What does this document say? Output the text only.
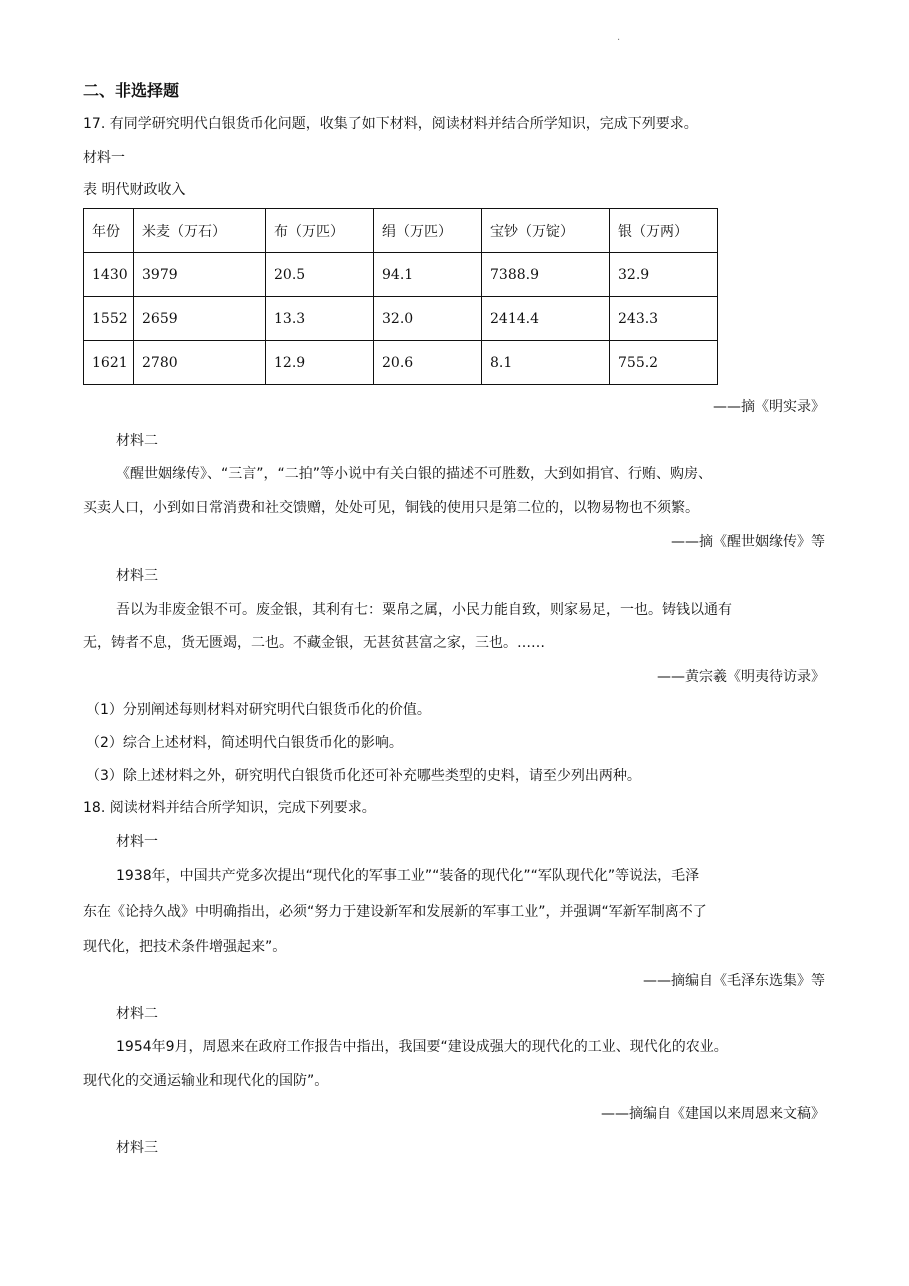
.
二、非选择题
17. 有同学研究明代白银货币化问题，收集了如下材料，阅读材料并结合所学知识，完成下列要求。
材料一
表 明代财政收入
年份	米麦（万石）	布（万匹）	绢（万匹）	宝钞（万锭）	银（万两）
1430	3979	20.5	94.1	7388.9	32.9
1552	2659	13.3	32.0	2414.4	243.3
1621	2780	12.9	20.6	8.1	755.2
——摘《明实录》
材料二
《醒世姻缘传》、“三言”，“二拍”等小说中有关白银的描述不可胜数，大到如捐官、行贿、购房、
买卖人口，小到如日常消费和社交馈赠，处处可见，铜钱的使用只是第二位的，以物易物也不须繁。
——摘《醒世姻缘传》等
材料三
吾以为非废金银不可。废金银，其利有七：粟帛之属，小民力能自致，则家易足，一也。铸钱以通有
无，铸者不息，货无匮竭，二也。不藏金银，无甚贫甚富之家，三也。……
——黄宗羲《明夷待访录》
（1）分别阐述每则材料对研究明代白银货币化的价值。
（2）综合上述材料，简述明代白银货币化的影响。
（3）除上述材料之外，研究明代白银货币化还可补充哪些类型的史料，请至少列出两种。
18. 阅读材料并结合所学知识，完成下列要求。
材料一
1938年，中国共产党多次提出“现代化的军事工业”“装备的现代化”“军队现代化”等说法，毛泽
东在《论持久战》中明确指出，必须“努力于建设新军和发展新的军事工业”，并强调“军新军制离不了
现代化，把技术条件增强起来”。
——摘编自《毛泽东选集》等
材料二
1954年9月，周恩来在政府工作报告中指出，我国要“建设成强大的现代化的工业、现代化的农业。
现代化的交通运输业和现代化的国防”。
——摘编自《建国以来周恩来文稿》
材料三
